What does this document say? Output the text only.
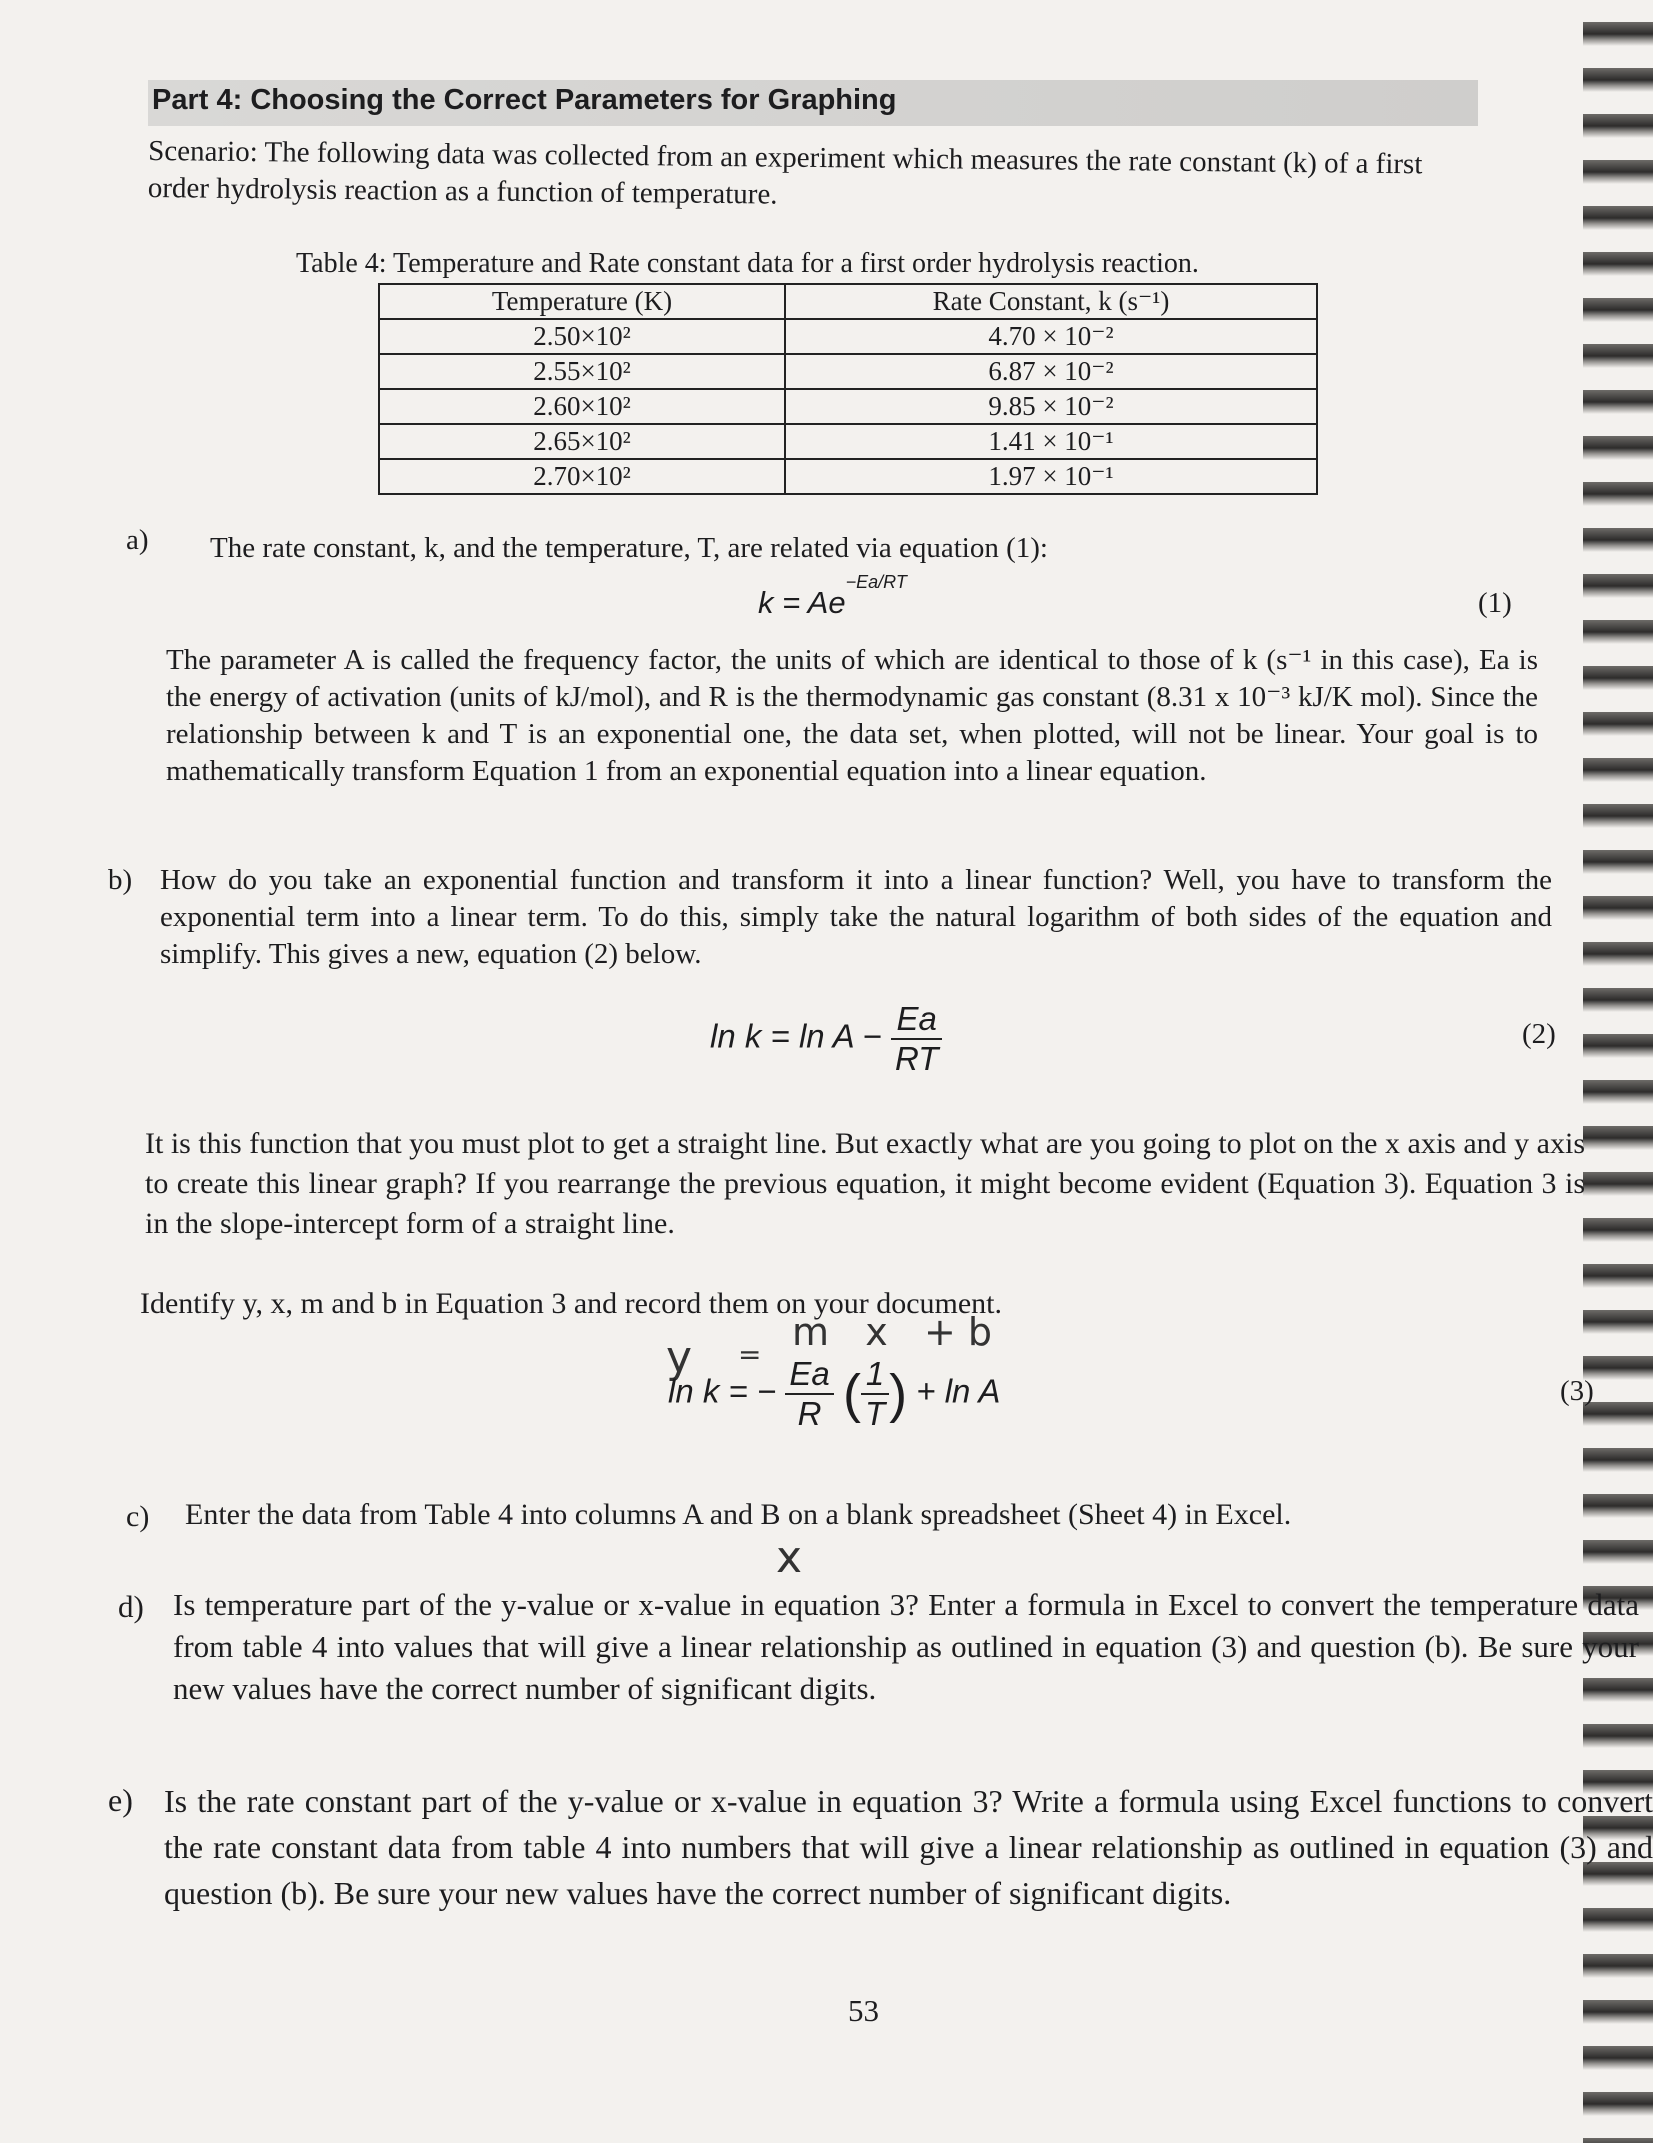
Part 4: Choosing the Correct Parameters for Graphing
Scenario: The following data was collected from an experiment which measures the rate constant (k) of a first order hydrolysis reaction as a function of temperature.
Table 4: Temperature and Rate constant data for a first order hydrolysis reaction.
Temperature (K)	Rate Constant, k (s⁻¹)
2.50×10²	4.70 × 10⁻²
2.55×10²	6.87 × 10⁻²
2.60×10²	9.85 × 10⁻²
2.65×10²	1.41 × 10⁻¹
2.70×10²	1.97 × 10⁻¹
a) The rate constant, k, and the temperature, T, are related via equation (1):
$k = Ae^{-Ea/RT}$
(1)
The parameter A is called the frequency factor, the units of which are identical to those of k (s⁻¹ in this case), Ea is the energy of activation (units of kJ/mol), and R is the thermodynamic gas constant (8.31 x 10⁻³ kJ/K mol). Since the relationship between k and T is an exponential one, the data set, when plotted, will not be linear. Your goal is to mathematically transform Equation 1 from an exponential equation into a linear equation.
b) How do you take an exponential function and transform it into a linear function? Well, you have to transform the exponential term into a linear term. To do this, simply take the natural logarithm of both sides of the equation and simplify. This gives a new, equation (2) below.
$\ln k = \ln A - \frac{Ea}{RT}$	(2)
It is this function that you must plot to get a straight line. But exactly what are you going to plot on the x axis and y axis to create this linear graph? If you rearrange the previous equation, it might become evident (Equation 3). Equation 3 is in the slope-intercept form of a straight line.
Identify y, x, m and b in Equation 3 and record them on your document.
m   x   + b
y =
ln k = − $\frac{Ea}{R}$ ( $\frac{1}{T}$ ) + ln A	(3)
c) Enter the data from Table 4 into columns A and B on a blank spreadsheet (Sheet 4) in Excel.
x
d) Is temperature part of the y-value or x-value in equation 3? Enter a formula in Excel to convert the temperature data from table 4 into values that will give a linear relationship as outlined in equation (3) and question (b). Be sure your new values have the correct number of significant digits.
e) Is the rate constant part of the y-value or x-value in equation 3? Write a formula using Excel functions to convert the rate constant data from table 4 into numbers that will give a linear relationship as outlined in equation (3) and question (b). Be sure your new values have the correct number of significant digits.
53
